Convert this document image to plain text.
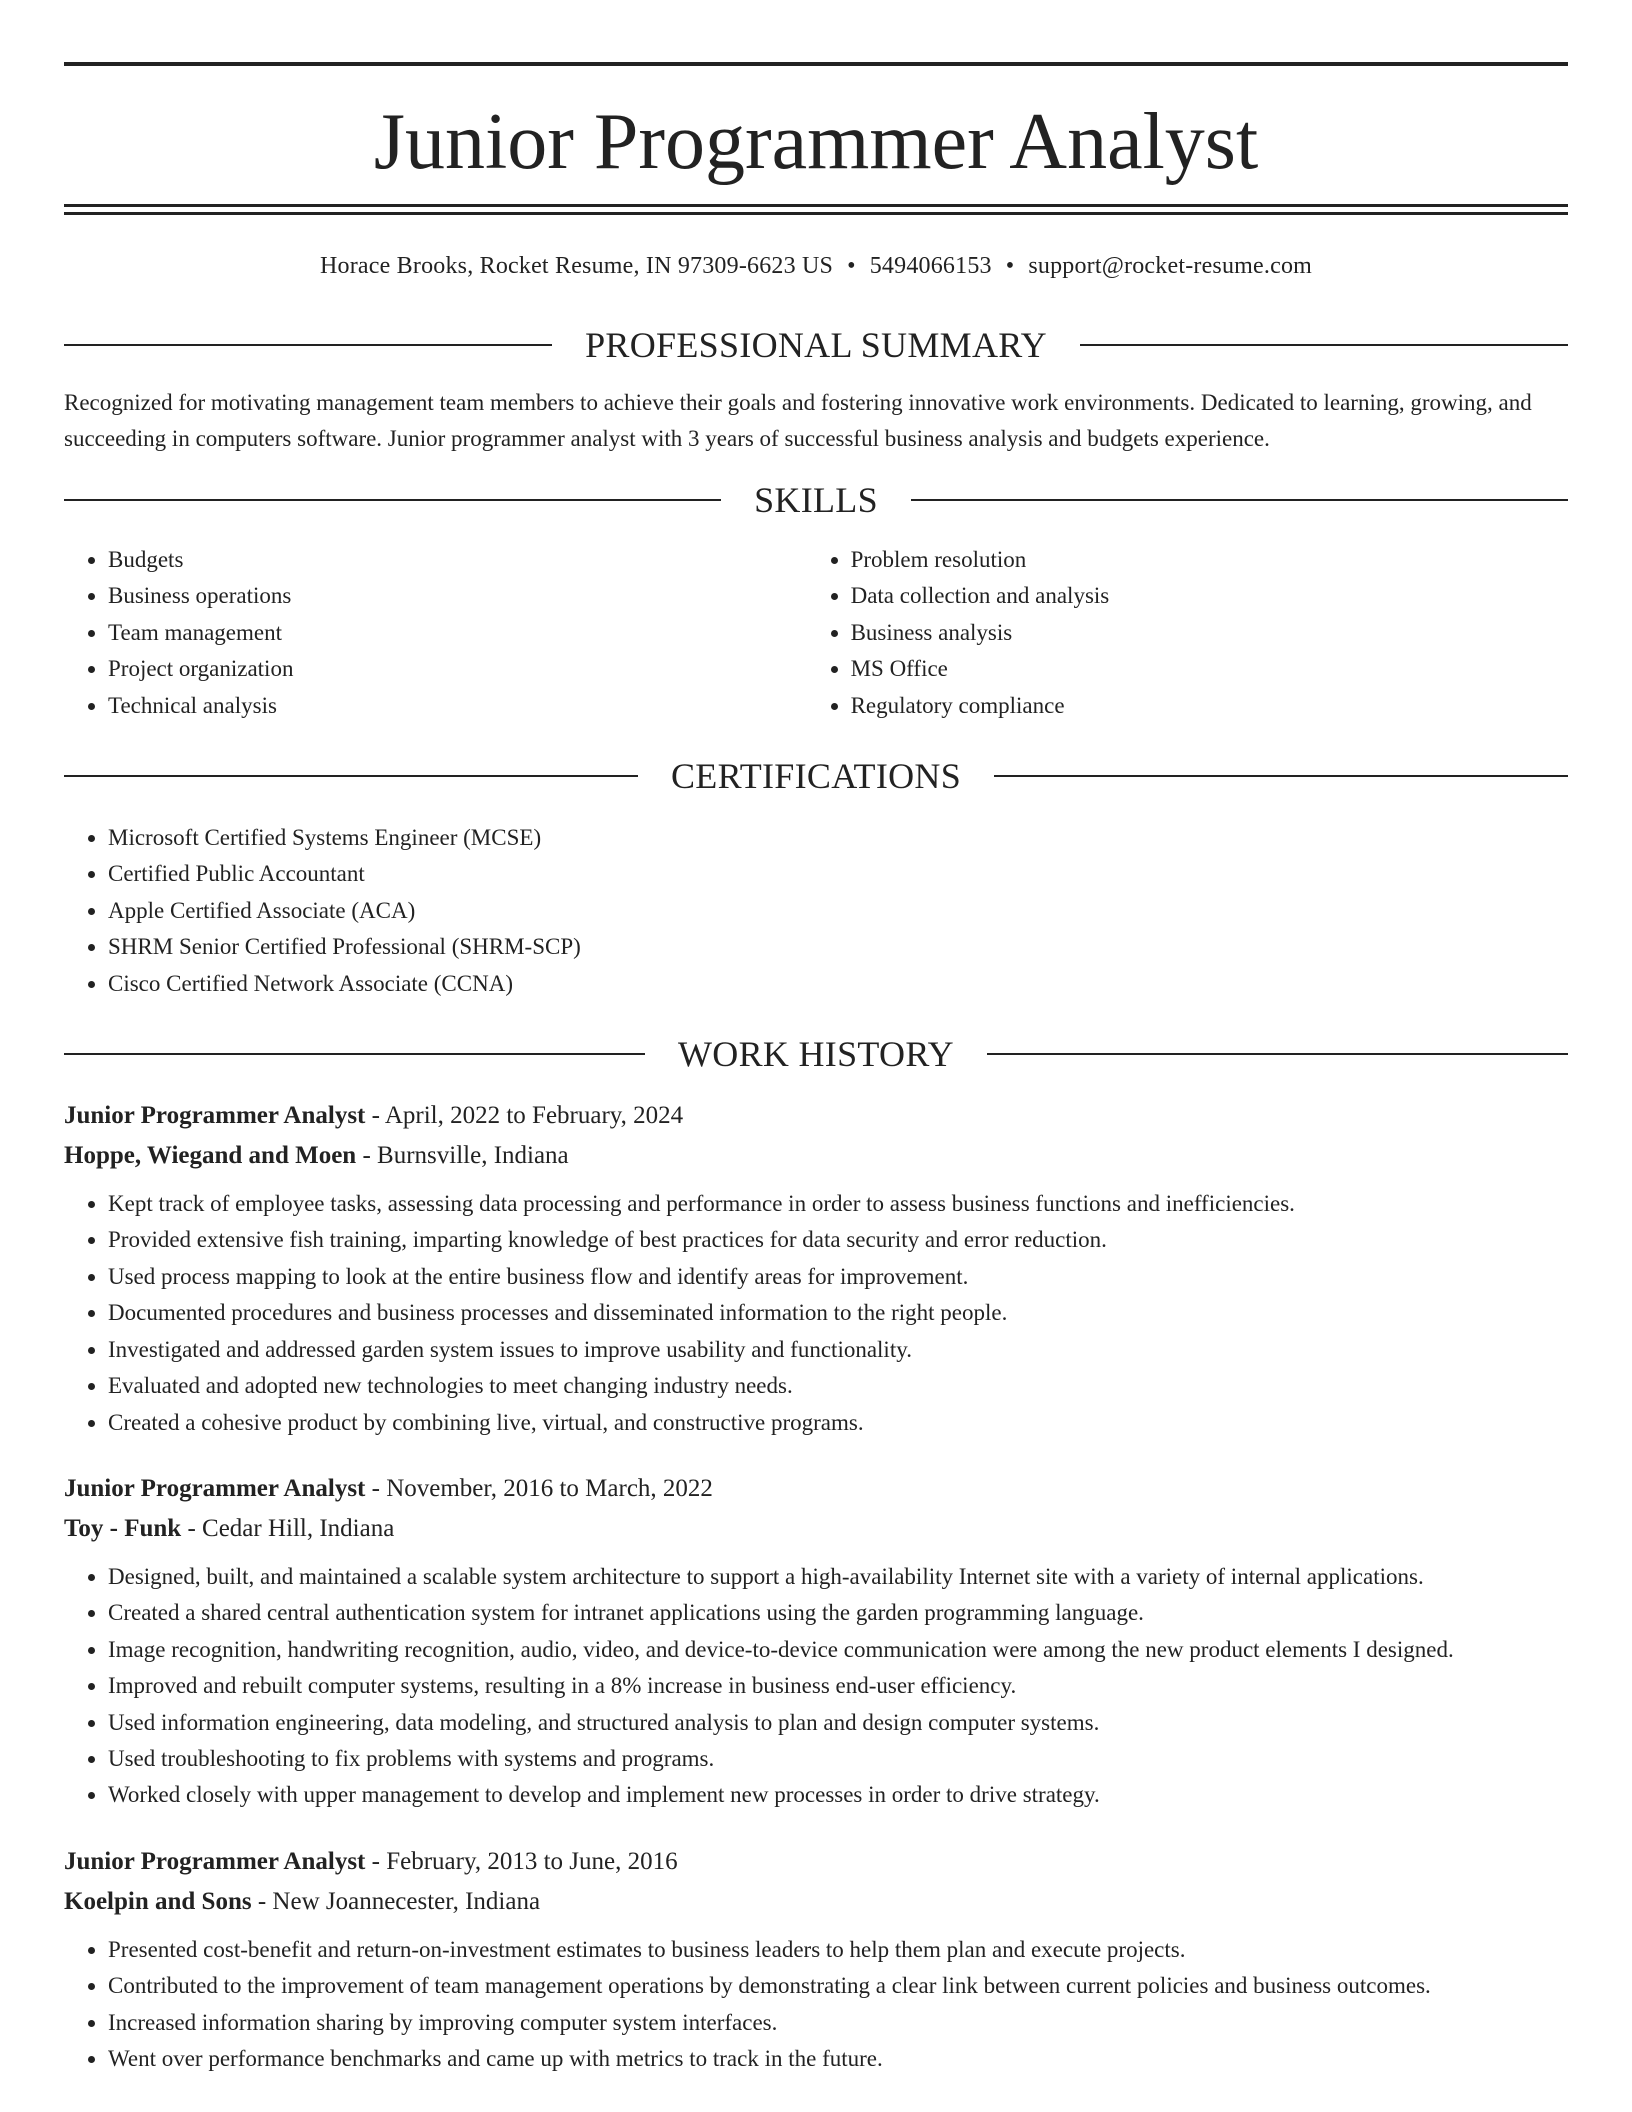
Junior Programmer Analyst
Horace Brooks, Rocket Resume, IN 97309-6623 US • 5494066153 • support@rocket-resume.com
PROFESSIONAL SUMMARY

Recognized for motivating management team members to achieve their goals and fostering innovative work environments. Dedicated to learning, growing, and succeeding in computers software. Junior programmer analyst with 3 years of successful business analysis and budgets experience.

SKILLS
• Budgets
• Business operations
• Team management
• Project organization
• Technical analysis
• Problem resolution
• Data collection and analysis
• Business analysis
• MS Office
• Regulatory compliance
CERTIFICATIONS
• Microsoft Certified Systems Engineer (MCSE)
• Certified Public Accountant
• Apple Certified Associate (ACA)
• SHRM Senior Certified Professional (SHRM-SCP)
• Cisco Certified Network Associate (CCNA)
WORK HISTORY
Junior Programmer Analyst - April, 2022 to February, 2024
Hoppe, Wiegand and Moen - Burnsville, Indiana
• Kept track of employee tasks, assessing data processing and performance in order to assess business functions and inefficiencies.
• Provided extensive fish training, imparting knowledge of best practices for data security and error reduction.
• Used process mapping to look at the entire business flow and identify areas for improvement.
• Documented procedures and business processes and disseminated information to the right people.
• Investigated and addressed garden system issues to improve usability and functionality.
• Evaluated and adopted new technologies to meet changing industry needs.
• Created a cohesive product by combining live, virtual, and constructive programs.
Junior Programmer Analyst - November, 2016 to March, 2022
Toy - Funk - Cedar Hill, Indiana
• Designed, built, and maintained a scalable system architecture to support a high-availability Internet site with a variety of internal applications.
• Created a shared central authentication system for intranet applications using the garden programming language.
• Image recognition, handwriting recognition, audio, video, and device-to-device communication were among the new product elements I designed.
• Improved and rebuilt computer systems, resulting in a 8% increase in business end-user efficiency.
• Used information engineering, data modeling, and structured analysis to plan and design computer systems.
• Used troubleshooting to fix problems with systems and programs.
• Worked closely with upper management to develop and implement new processes in order to drive strategy.
Junior Programmer Analyst - February, 2013 to June, 2016
Koelpin and Sons - New Joannecester, Indiana
• Presented cost-benefit and return-on-investment estimates to business leaders to help them plan and execute projects.
• Contributed to the improvement of team management operations by demonstrating a clear link between current policies and business outcomes.
• Increased information sharing by improving computer system interfaces.
• Went over performance benchmarks and came up with metrics to track in the future.
